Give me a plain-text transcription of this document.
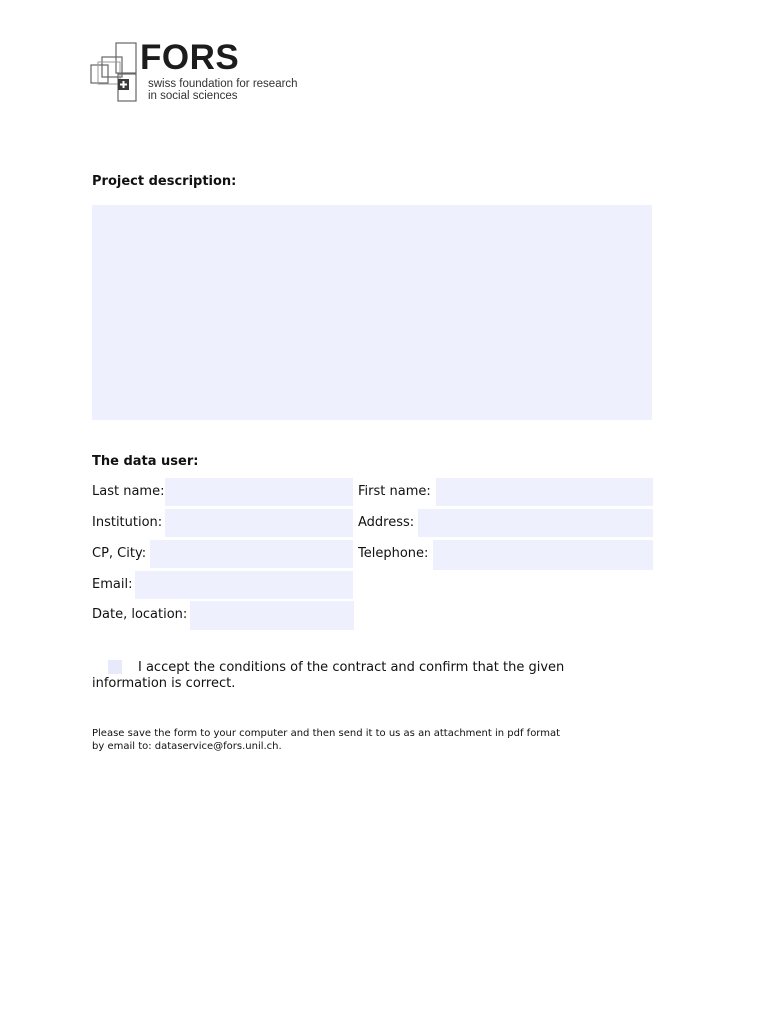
FORS
swiss foundation for research
in social sciences
Project description:
The data user:
Last name:	First name:
Institution:	Address:
CP, City:	Telephone:
Email:
Date, location:
I accept the conditions of the contract and confirm that the given
information is correct.
Please save the form to your computer and then send it to us as an attachment in pdf format
by email to: dataservice@fors.unil.ch.
